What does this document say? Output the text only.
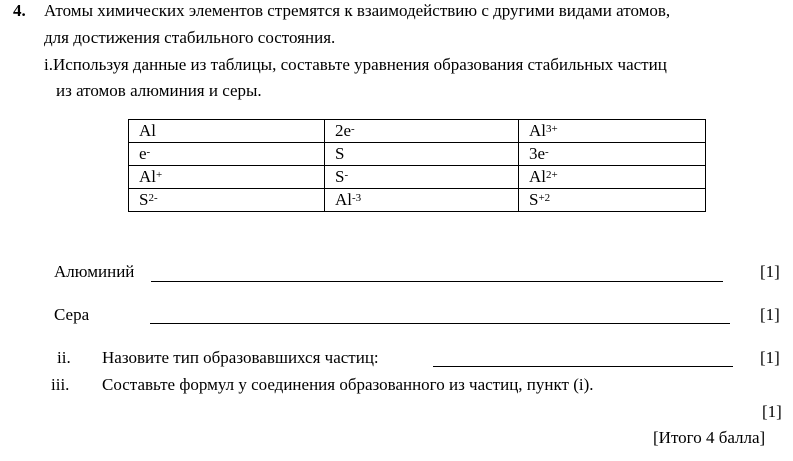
4. Атомы химических элементов стремятся к взаимодействию с другими видами атомов,
для достижения стабильного состояния.
i.Используя данные из таблицы, составьте уравнения образования стабильных частиц
из атомов алюминия и серы.
Al	2e-	$Al^{3+}$
e-	S	3e-
Al+	S-	$Al^{2+}$
$S^{2-}$	$Al^{-3}$	$S^{+2}$
Алюминий	[1]
Сера	[1]
ii. Назовите тип образовавшихся частиц:	[1]
iii. Составьте формул у соединения образованного из частиц, пункт (i).
[1]
[Итого 4 балла]
